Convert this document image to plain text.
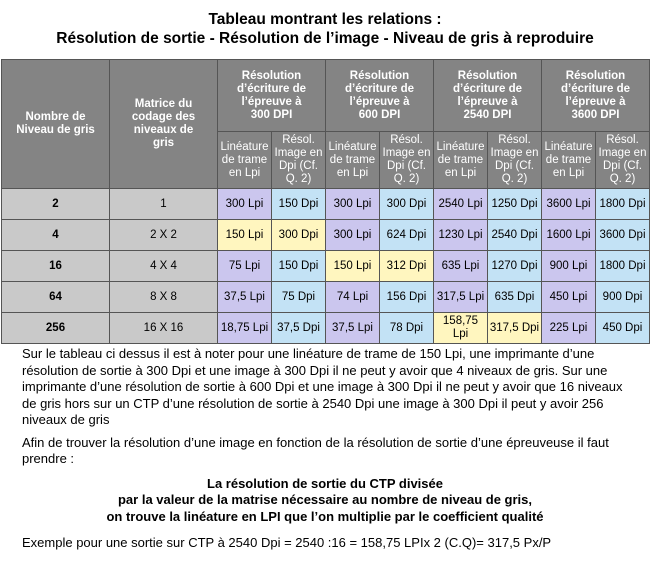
Tableau montrant les relations :
Résolution de sortie - Résolution de l’image - Niveau de gris à reproduire
Nombre de Niveau de gris	Matrice du codage des niveaux de gris	Résolution d’écriture de l’épreuve à 300 DPI		Résolution d’écriture de l’épreuve à 600 DPI		Résolution d’écriture de l’épreuve à 2540 DPI		Résolution d’écriture de l’épreuve à 3600 DPI	
		Linéature de trame en Lpi	Résol. Image en Dpi (Cf. Q. 2)	Linéature de trame en Lpi	Résol. Image en Dpi (Cf. Q. 2)	Linéature de trame en Lpi	Résol. Image en Dpi (Cf. Q. 2)	Linéature de trame en Lpi	Résol. Image en Dpi (Cf. Q. 2)
2	1	300 Lpi	150 Dpi	300 Lpi	300 Dpi	2540 Lpi	1250 Dpi	3600 Lpi	1800 Dpi
4	2 X 2	150 Lpi	300 Dpi	300 Lpi	624 Dpi	1230 Lpi	2540 Dpi	1600 Lpi	3600 Dpi
16	4 X 4	75 Lpi	150 Dpi	150 Lpi	312 Dpi	635 Lpi	1270 Dpi	900 Lpi	1800 Dpi
64	8 X 8	37,5 Lpi	75 Dpi	74 Lpi	156 Dpi	317,5 Lpi	635 Dpi	450 Lpi	900 Dpi
256	16 X 16	18,75 Lpi	37,5 Dpi	37,5 Lpi	78 Dpi	158,75 Lpi	317,5 Dpi	225 Lpi	450 Dpi

Sur le tableau ci dessus il est à noter pour une linéature de trame de 150 Lpi, une imprimante d’une résolution de sortie à 300 Dpi et une image à 300 Dpi il ne peut y avoir que 4 niveaux de gris. Sur une imprimante d’une résolution de sortie à 600 Dpi et une image à 300 Dpi il ne peut y avoir que 16 niveaux de gris hors sur un CTP d’une résolution de sortie à 2540 Dpi une image à 300 Dpi il peut y avoir 256 niveaux de gris

Afin de trouver la résolution d’une image en fonction de la résolution de sortie d’une épreuveuse il faut prendre :

La résolution de sortie du CTP divisée
par la valeur de la matrise nécessaire au nombre de niveau de gris,
on trouve la linéature en LPI que l’on multiplie par le coefficient qualité

Exemple pour une sortie sur CTP à 2540 Dpi = 2540 :16 = 158,75 LPIx 2 (C.Q)= 317,5 Px/P
